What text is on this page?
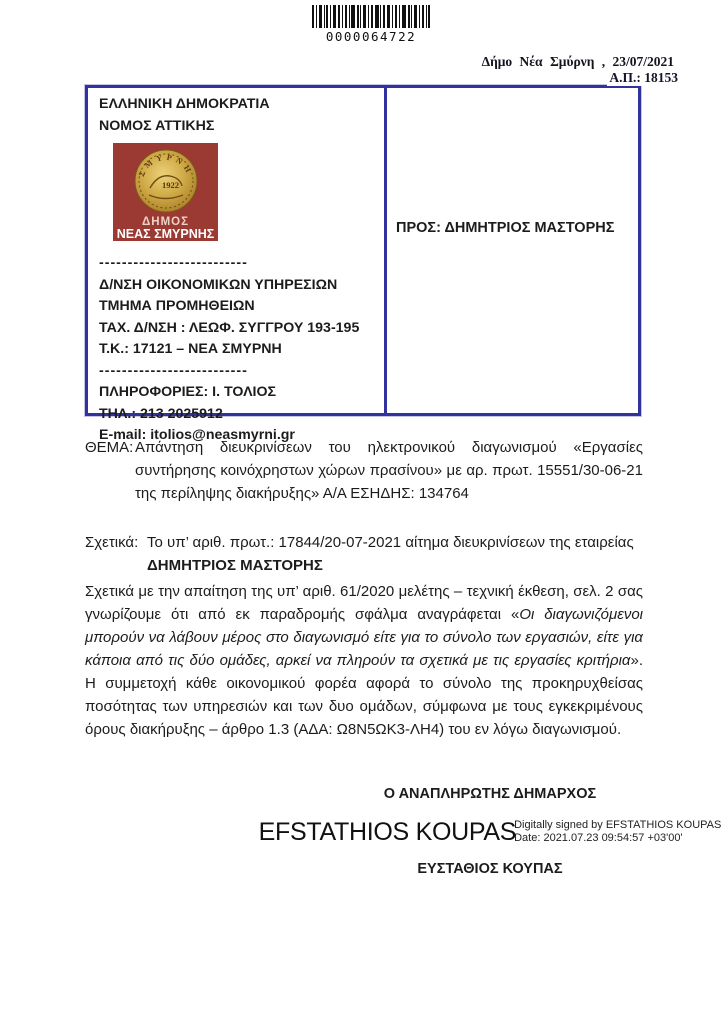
0000064722
Δήμο Νέα Σμύρνη , 23/07/2021
Α.Π.: 18153
ΕΛΛΗΝΙΚΗ ΔΗΜΟΚΡΑΤΙΑ
ΝΟΜΟΣ ΑΤΤΙΚΗΣ
ΣΜΥΡΝΗ
1922
ΔΗΜΟΣ
ΝΕΑΣ ΣΜΥΡΝΗΣ
--------------------------
Δ/ΝΣΗ ΟΙΚΟΝΟΜΙΚΩΝ ΥΠΗΡΕΣΙΩΝ
ΤΜΗΜΑ ΠΡΟΜΗΘΕΙΩΝ
ΤΑΧ. Δ/ΝΣΗ : ΛΕΩΦ. ΣΥΓΓΡΟΥ 193-195
Τ.Κ.: 17121 – ΝΕΑ ΣΜΥΡΝΗ
--------------------------
ΠΛΗΡΟΦΟΡΙΕΣ: Ι. ΤΟΛΙΟΣ
ΤΗΛ.: 213 2025912
E-mail: itolios@neasmyrni.gr
ΠΡΟΣ: ΔΗΜΗΤΡΙΟΣ ΜΑΣΤΟΡΗΣ
ΘΕΜΑ: Απάντηση διευκρινίσεων του ηλεκτρονικού διαγωνισμού «Εργασίες συντήρησης κοινόχρηστων χώρων πρασίνου» με αρ. πρωτ. 15551/30-06-21 της περίληψης διακήρυξης» Α/Α ΕΣΗΔΗΣ: 134764
Σχετικά: Το υπ’ αριθ. πρωτ.: 17844/20-07-2021 αίτημα διευκρινίσεων της εταιρείας
ΔΗΜΗΤΡΙΟΣ ΜΑΣΤΟΡΗΣ
Σχετικά με την απαίτηση της υπ’ αριθ. 61/2020 μελέτης – τεχνική έκθεση, σελ. 2 σας γνωρίζουμε ότι από εκ παραδρομής σφάλμα αναγράφεται «Οι διαγωνιζόμενοι μπορούν να λάβουν μέρος στο διαγωνισμό είτε για το σύνολο των εργασιών, είτε για κάποια από τις δύο ομάδες, αρκεί να πληρούν τα σχετικά με τις εργασίες κριτήρια». Η συμμετοχή κάθε οικονομικού φορέα αφορά το σύνολο της προκηρυχθείσας ποσότητας των υπηρεσιών και των δυο ομάδων, σύμφωνα με τους εγκεκριμένους όρους διακήρυξης – άρθρο 1.3 (ΑΔΑ: Ω8Ν5ΩΚ3-ΛΗ4) του εν λόγω διαγωνισμού.
Ο ΑΝΑΠΛΗΡΩΤΗΣ ΔΗΜΑΡΧΟΣ
EFSTATHIOS KOUPAS
Digitally signed by EFSTATHIOS KOUPAS
Date: 2021.07.23 09:54:57 +03'00'
ΕΥΣΤΑΘΙΟΣ ΚΟΥΠΑΣ
